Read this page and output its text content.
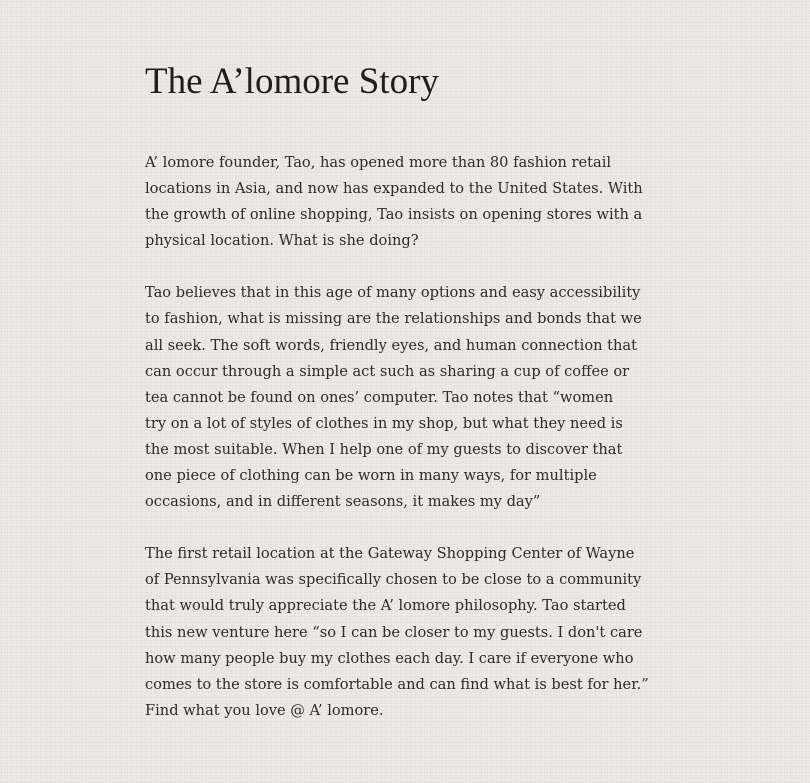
The A’lomore Story
A’ lomore founder, Tao, has opened more than 80 fashion retail
locations in Asia, and now has expanded to the United States. With
the growth of online shopping, Tao insists on opening stores with a
physical location. What is she doing?
Tao believes that in this age of many options and easy accessibility
to fashion, what is missing are the relationships and bonds that we
all seek. The soft words, friendly eyes, and human connection that
can occur through a simple act such as sharing a cup of coffee or
tea cannot be found on ones’ computer. Tao notes that “women
try on a lot of styles of clothes in my shop, but what they need is
the most suitable. When I help one of my guests to discover that
one piece of clothing can be worn in many ways, for multiple
occasions, and in different seasons, it makes my day”
The first retail location at the Gateway Shopping Center of Wayne
of Pennsylvania was specifically chosen to be close to a community
that would truly appreciate the A’ lomore philosophy. Tao started
this new venture here “so I can be closer to my guests. I don't care
how many people buy my clothes each day. I care if everyone who
comes to the store is comfortable and can find what is best for her.”
Find what you love @ A’ lomore.
